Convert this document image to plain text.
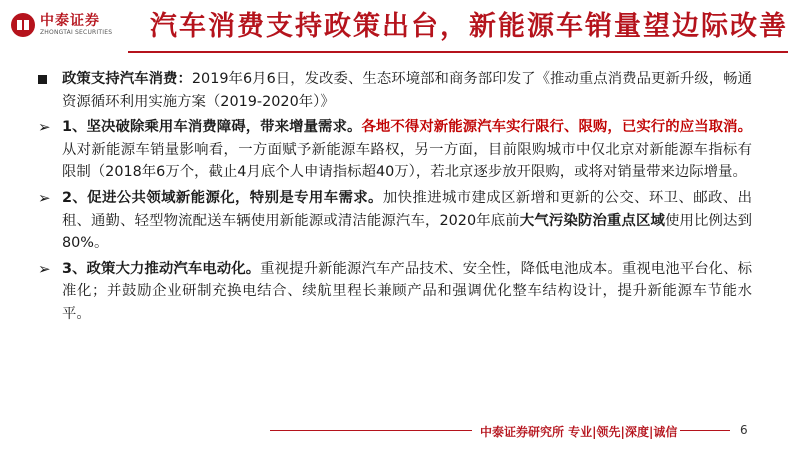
中泰证券
ZHONGTAI SECURITIES 汽车消费支持政策出台，新能源车销量望边际改善
政策支持汽车消费：2019年6月6日，发改委、生态环境部和商务部印发了《推动重点消费品更新升级，畅通资源循环利用实施方案（2019-2020年）》
➢ 1、坚决破除乘用车消费障碍，带来增量需求。各地不得对新能源汽车实行限行、限购，已实行的应当取消。从对新能源车销量影响看，一方面赋予新能源车路权，另一方面，目前限购城市中仅北京对新能源车指标有限制（2018年6万个，截止4月底个人申请指标超40万），若北京逐步放开限购，或将对销量带来边际增量。
➢ 2、促进公共领域新能源化，特别是专用车需求。加快推进城市建成区新增和更新的公交、环卫、邮政、出租、通勤、轻型物流配送车辆使用新能源或清洁能源汽车，2020年底前大气污染防治重点区域使用比例达到80%。
➢ 3、政策大力推动汽车电动化。重视提升新能源汽车产品技术、安全性，降低电池成本。重视电池平台化、标准化；并鼓励企业研制充换电结合、续航里程长兼顾产品和强调优化整车结构设计，提升新能源车节能水平。
中泰证券研究所 专业|领先|深度|诚信	6
